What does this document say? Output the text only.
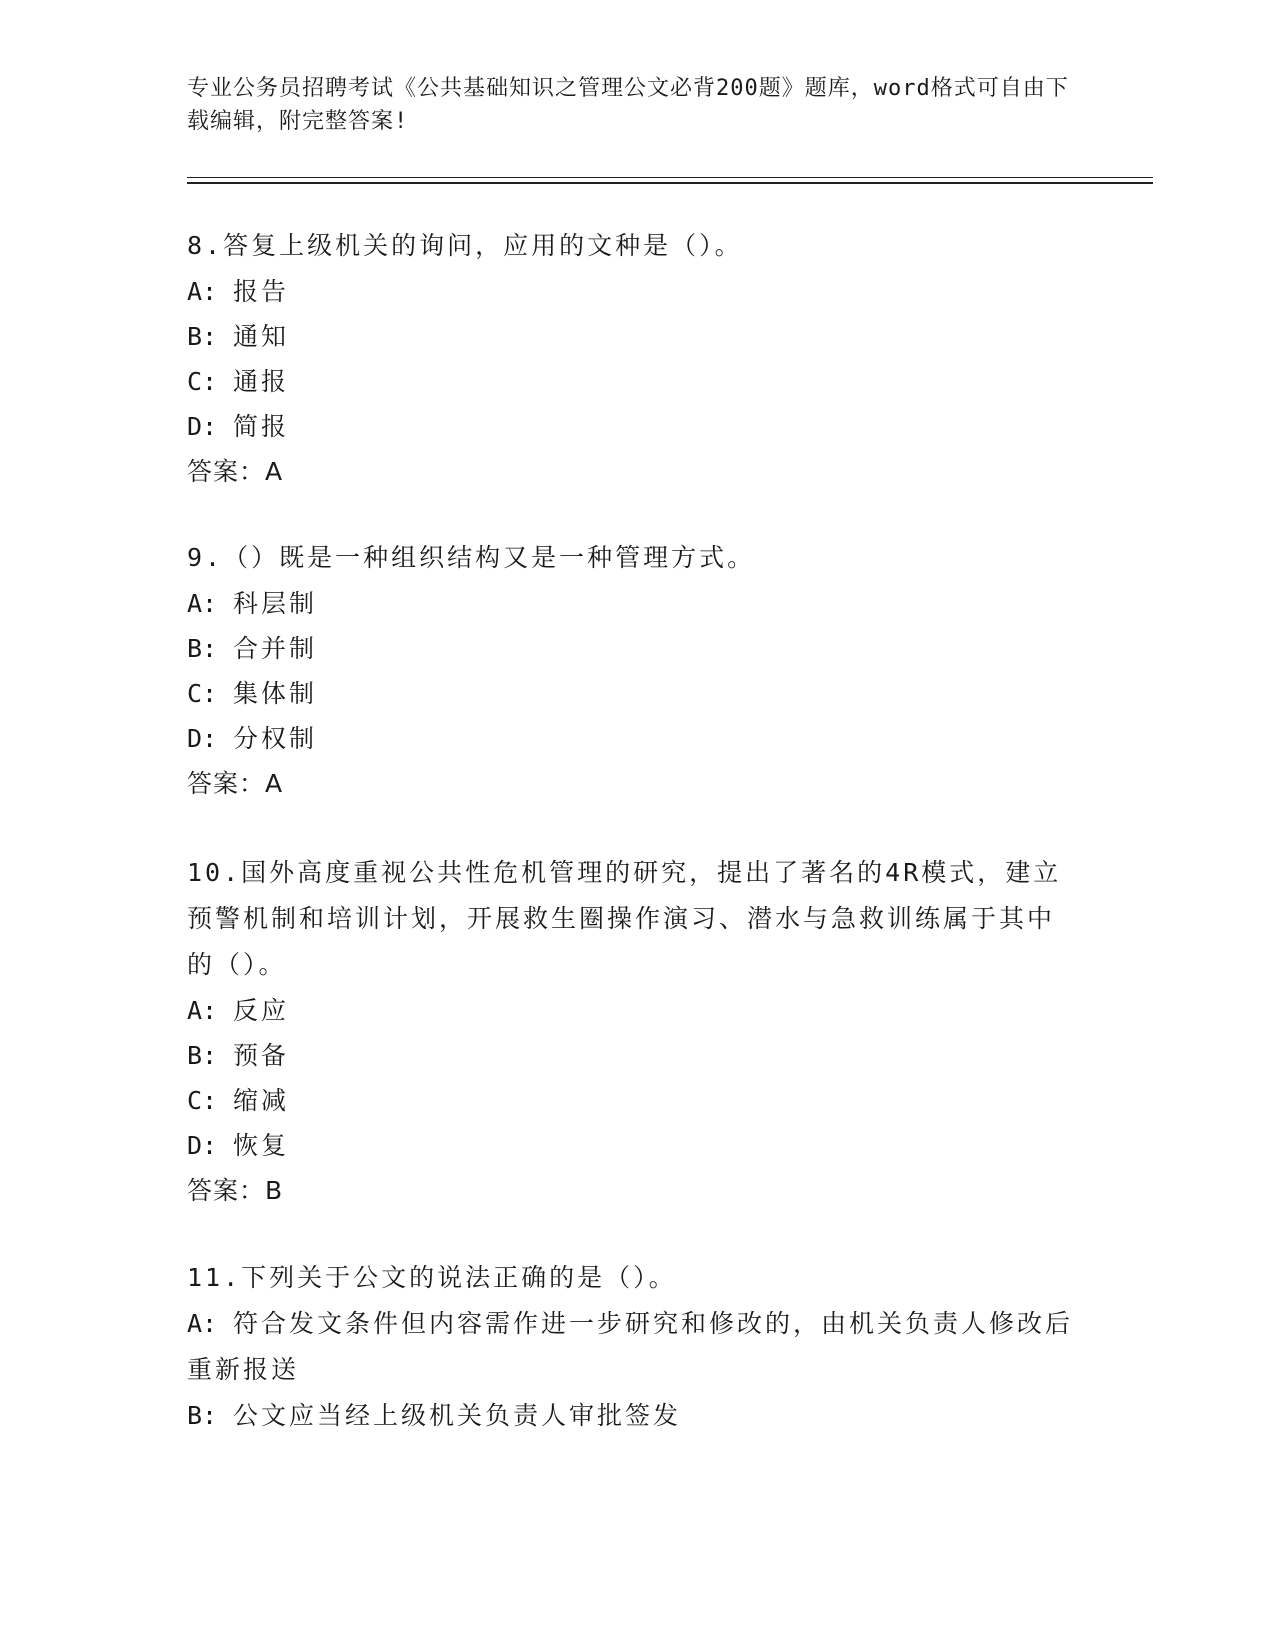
专业公务员招聘考试《公共基础知识之管理公文必背200题》题库，word格式可自由下载编辑，附完整答案!
8.答复上级机关的询问，应用的文种是（）。
A: 报告
B: 通知
C: 通报
D: 简报
答案：A
9.（）既是一种组织结构又是一种管理方式。
A: 科层制
B: 合并制
C: 集体制
D: 分权制
答案：A
10.国外高度重视公共性危机管理的研究，提出了著名的4R模式，建立预警机制和培训计划，开展救生圈操作演习、潜水与急救训练属于其中的（）。
A: 反应
B: 预备
C: 缩减
D: 恢复
答案：B
11.下列关于公文的说法正确的是（）。
A: 符合发文条件但内容需作进一步研究和修改的，由机关负责人修改后重新报送
B: 公文应当经上级机关负责人审批签发
